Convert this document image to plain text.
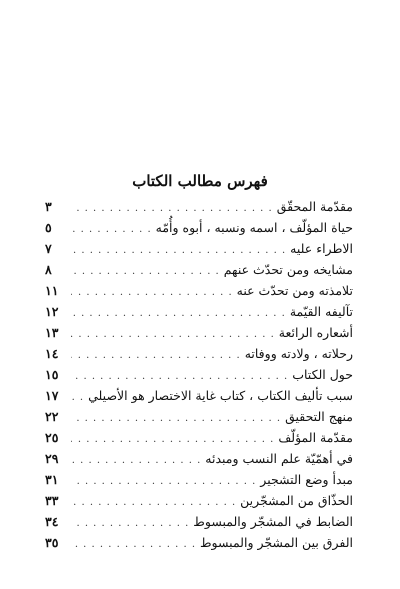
فهرس مطالب الكتاب
مقدّمة المحقّق
. . .
٣
حياة المؤلّف ، اسمه ونسبه ، أبوه وأُمّه
. . .
٥
الاطراء عليه
. . .
٧
مشايخه ومن تحدّث عنهم
. . .
٨
تلامذته ومن تحدّث عنه
. . .
١١
تآليفه القيّمة
. . .
١٢
أشعاره الرائعة
. . .
١٣
رحلاته ، ولادته ووفاته
. . .
١٤
حول الكتاب
. . .
١٥
سبب تأليف الكتاب ، كتاب غاية الاختصار هو الأصيلي
. . .
١٧
منهج التحقيق
. . .
٢٢
مقدّمة المؤلّف
. . .
٢٥
في أهمّيّة علم النسب ومبدئه
. . .
٢٩
مبدأ وضع التشجير
. . .
٣١
الحذّاق من المشجّرين
. . .
٣٣
الضابط في المشجّر والمبسوط
. . .
٣٤
الفرق بين المشجّر والمبسوط
. . .
٣٥
